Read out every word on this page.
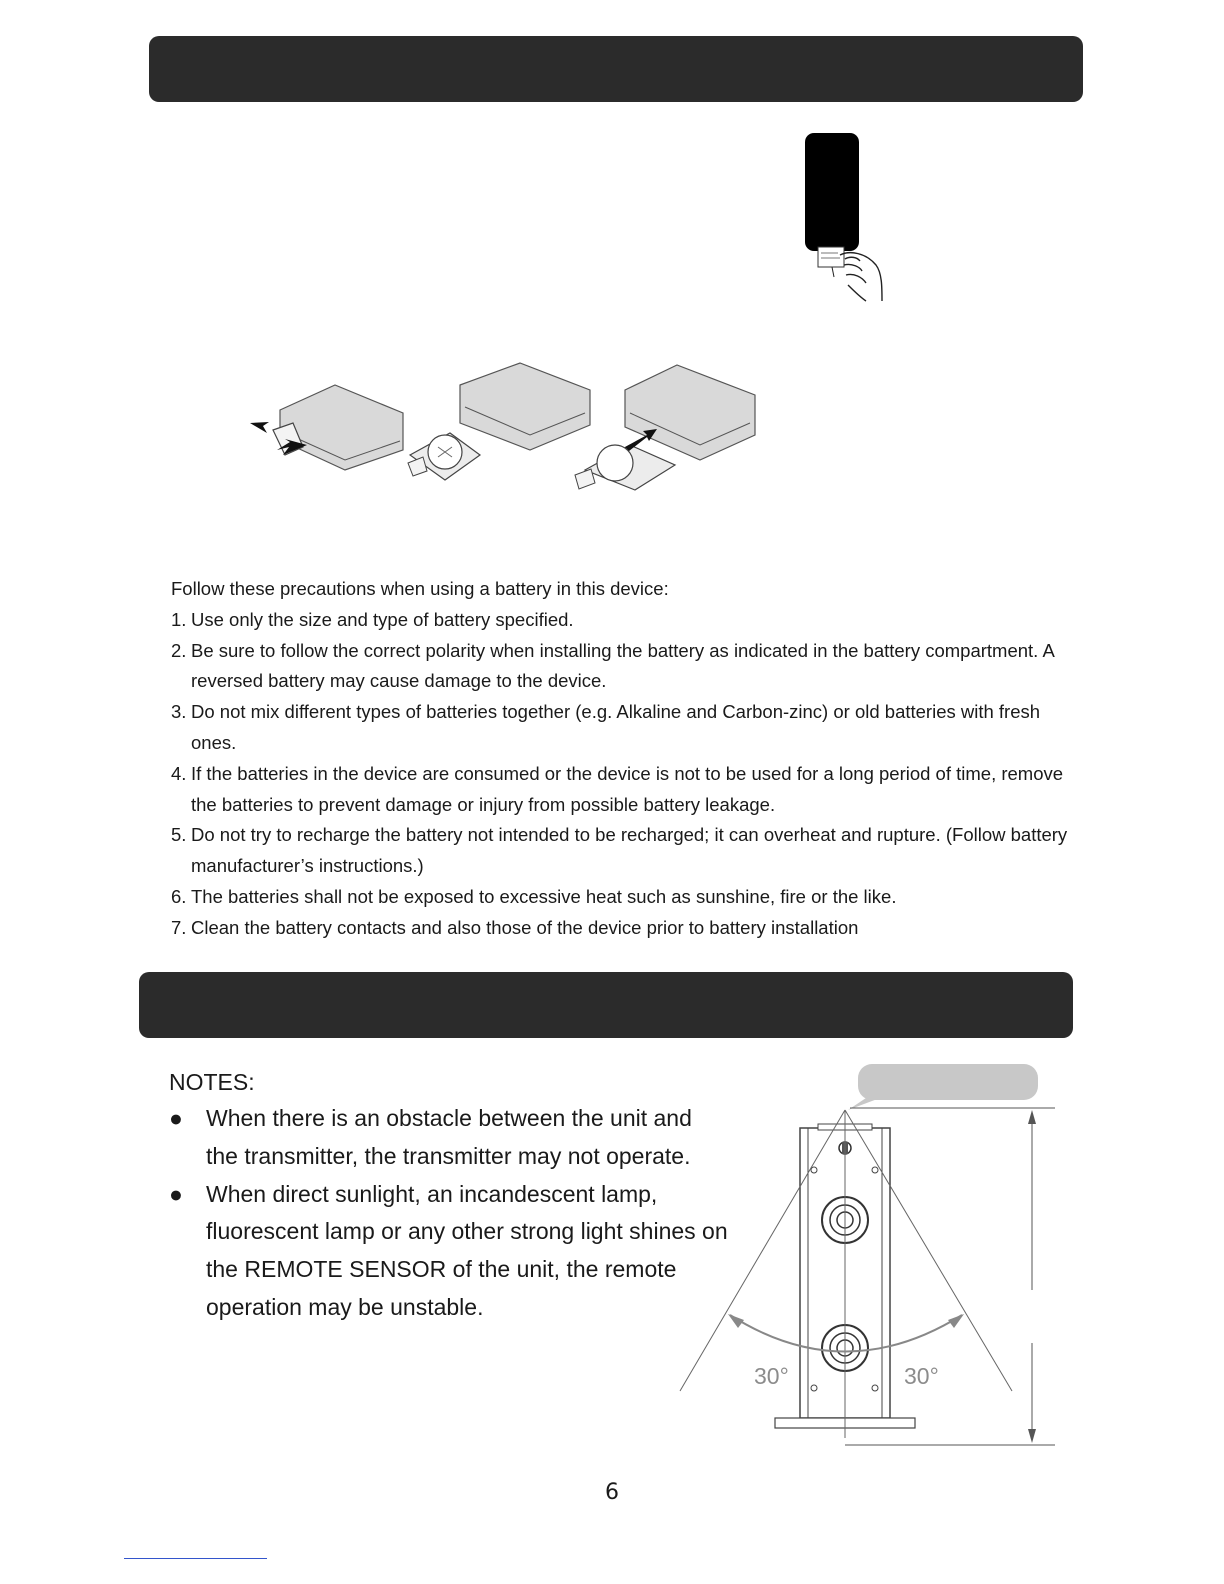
Follow these precautions when using a battery in this device:

1. Use only the size and type of battery specified.
2. Be sure to follow the correct polarity when installing the battery as indicated in the battery compartment. A reversed battery may cause damage to the device.
3. Do not mix different types of batteries together (e.g. Alkaline and Carbon-zinc) or old batteries with fresh ones.
4. If the batteries in the device are consumed or the device is not to be used for a long period of time, remove the batteries to prevent damage or injury from possible battery leakage.
5. Do not try to recharge the battery not intended to be recharged; it can overheat and rupture. (Follow battery manufacturer’s instructions.)
6. The batteries shall not be exposed to excessive heat such as sunshine, fire or the like.
7. Clean the battery contacts and also those of the device prior to battery installation

NOTES:

● When there is an obstacle between the unit and the transmitter, the transmitter may not operate.
● When direct sunlight, an incandescent lamp, fluorescent lamp or any other strong light shines on the REMOTE SENSOR of the unit, the remote operation may be unstable.
30°	30°
6
